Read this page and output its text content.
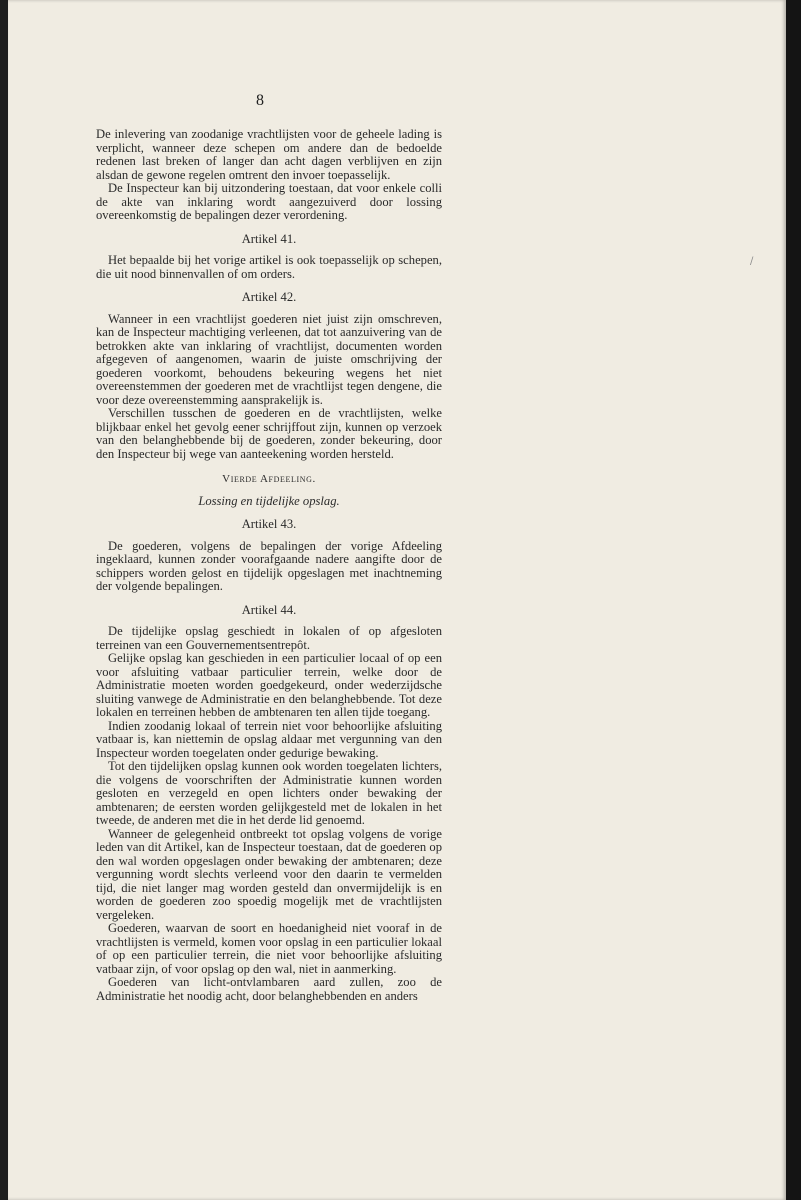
8

De inlevering van zoodanige vrachtlijsten voor de geheele lading is verplicht, wanneer deze schepen om andere dan de bedoelde redenen last breken of langer dan acht dagen verblijven en zijn alsdan de gewone regelen omtrent den invoer toepasselijk.

De Inspecteur kan bij uitzondering toestaan, dat voor enkele colli de akte van inklaring wordt aangezuiverd door lossing overeenkomstig de bepalingen dezer verordening.

Artikel 41.

Het bepaalde bij het vorige artikel is ook toepasselijk op schepen, die uit nood binnenvallen of om orders.

Artikel 42.

Wanneer in een vrachtlijst goederen niet juist zijn omschreven, kan de Inspecteur machtiging verleenen, dat tot aanzuivering van de betrokken akte van inklaring of vrachtlijst, documenten worden afgegeven of aangenomen, waarin de juiste omschrijving der goederen voorkomt, behoudens bekeuring wegens het niet overeenstemmen der goederen met de vrachtlijst tegen dengene, die voor deze overeenstemming aansprakelijk is.

Verschillen tusschen de goederen en de vrachtlijsten, welke blijkbaar enkel het gevolg eener schrijffout zijn, kunnen op verzoek van den belanghebbende bij de goederen, zonder bekeuring, door den Inspecteur bij wege van aanteekening worden hersteld.

Vierde Afdeeling.
Lossing en tijdelijke opslag.
Artikel 43.

De goederen, volgens de bepalingen der vorige Afdeeling ingeklaard, kunnen zonder voorafgaande nadere aangifte door de schippers worden gelost en tijdelijk opgeslagen met inachtneming der volgende bepalingen.

Artikel 44.

De tijdelijke opslag geschiedt in lokalen of op afgesloten terreinen van een Gouvernementsentrepôt.

Gelijke opslag kan geschieden in een particulier locaal of op een voor afsluiting vatbaar particulier terrein, welke door de Administratie moeten worden goedgekeurd, onder wederzijdsche sluiting vanwege de Administratie en den belanghebbende. Tot deze lokalen en terreinen hebben de ambtenaren ten allen tijde toegang.

Indien zoodanig lokaal of terrein niet voor behoorlijke afsluiting vatbaar is, kan niettemin de opslag aldaar met vergunning van den Inspecteur worden toegelaten onder gedurige bewaking.

Tot den tijdelijken opslag kunnen ook worden toegelaten lichters, die volgens de voorschriften der Administratie kunnen worden gesloten en verzegeld en open lichters onder bewaking der ambtenaren; de eersten worden gelijkgesteld met de lokalen in het tweede, de anderen met die in het derde lid genoemd.

Wanneer de gelegenheid ontbreekt tot opslag volgens de vorige leden van dit Artikel, kan de Inspecteur toestaan, dat de goederen op den wal worden opgeslagen onder bewaking der ambtenaren; deze vergunning wordt slechts verleend voor den daarin te vermelden tijd, die niet langer mag worden gesteld dan onvermijdelijk is en worden de goederen zoo spoedig mogelijk met de vrachtlijsten vergeleken.

Goederen, waarvan de soort en hoedanigheid niet vooraf in de vrachtlijsten is vermeld, komen voor opslag in een particulier lokaal of op een particulier terrein, die niet voor behoorlijke afsluiting vatbaar zijn, of voor opslag op den wal, niet in aanmerking.

Goederen van licht-ontvlambaren aard zullen, zoo de Administratie het noodig acht, door belanghebbenden en anders

/
